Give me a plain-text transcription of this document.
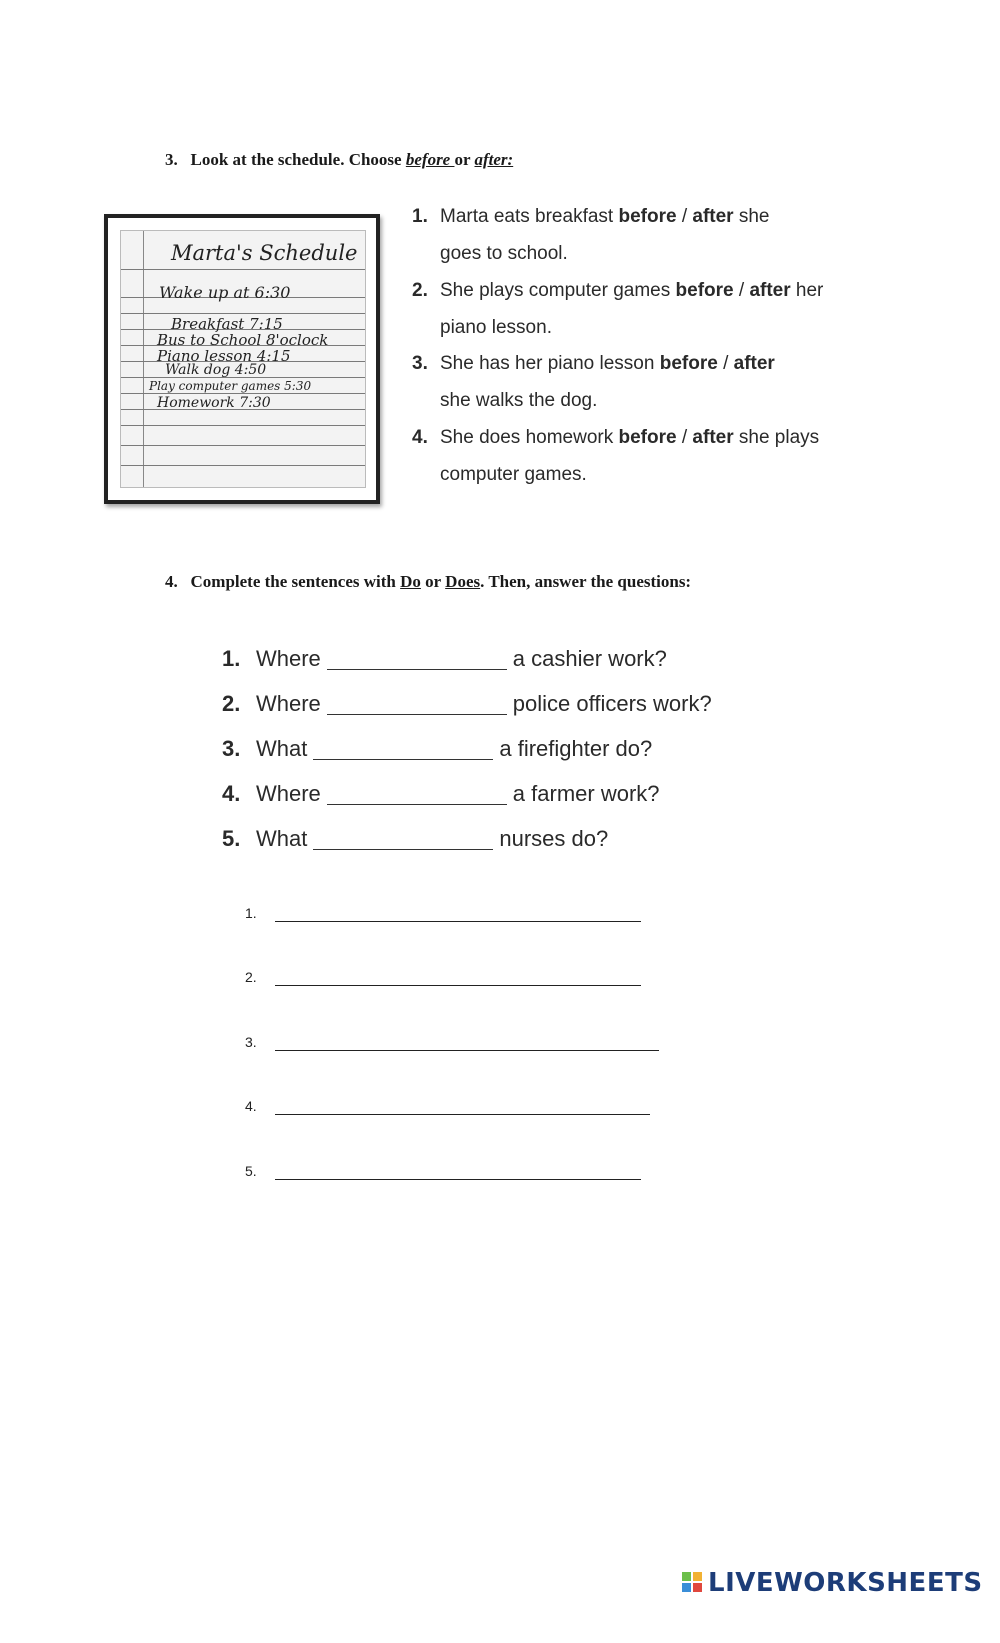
3. Look at the schedule. Choose before or after:
Marta's Schedule
Wake up at 6:30
Breakfast 7:15
Bus to School 8'oclock
Piano lesson 4:15
Walk dog 4:50
Play computer games 5:30
Homework 7:30
1. Marta eats breakfast before / after she
goes to school.
2. She plays computer games before / after her
piano lesson.
3. She has her piano lesson before / after
she walks the dog.
4. She does homework before / after she plays
computer games.
4. Complete the sentences with Do or Does. Then, answer the questions:
1. Where	a cashier work?
2. Where	police officers work?
3. What	a firefighter do?
4. Where	a farmer work?
5. What	nurses do?
1.
2.
3.
4.
5.
LIVEWORKSHEETS
